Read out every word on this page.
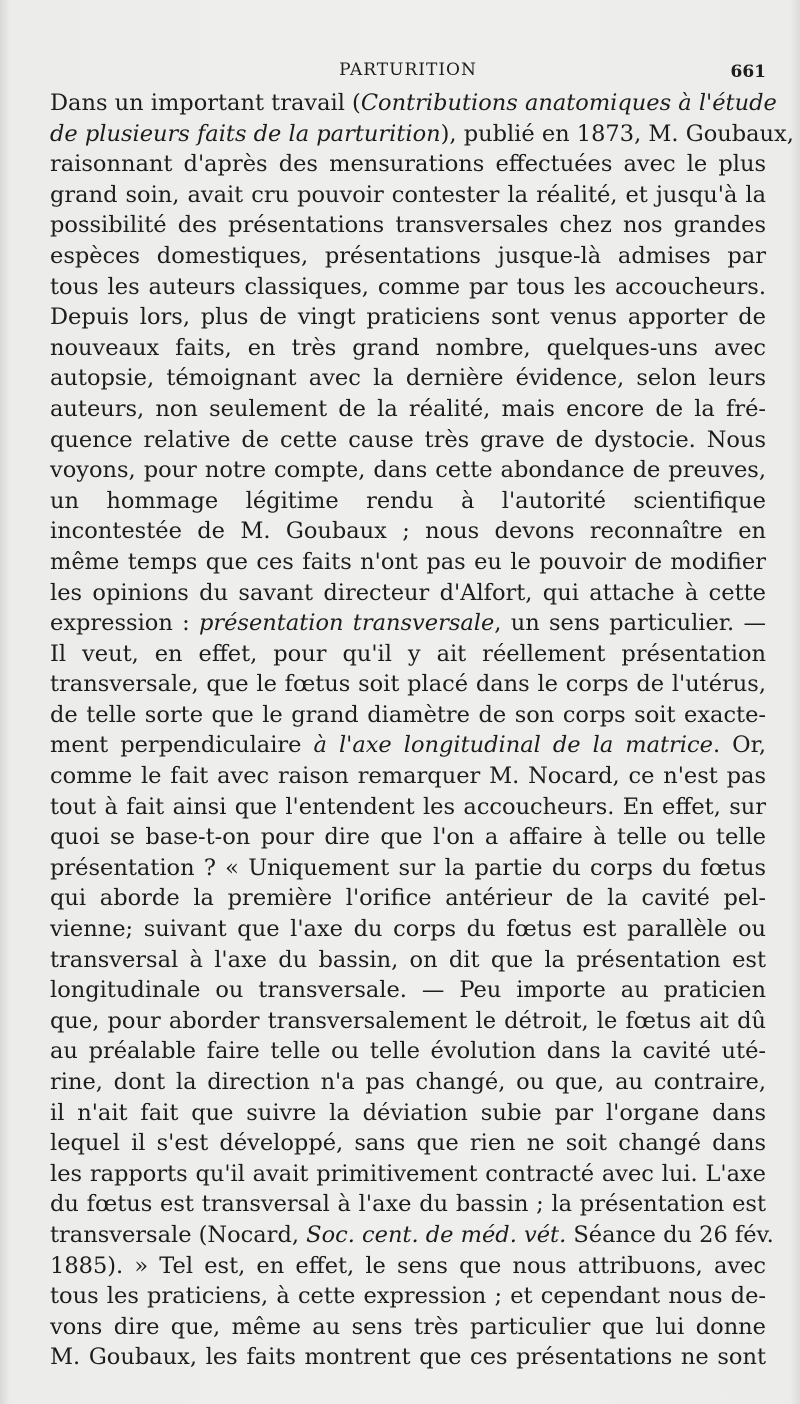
PARTURITION	661
Dans un important travail (Contributions anatomiques à l'étude
de plusieurs faits de la parturition), publié en 1873, M. Goubaux,
raisonnant d'après des mensurations effectuées avec le plus
grand soin, avait cru pouvoir contester la réalité, et jusqu'à la
possibilité des présentations transversales chez nos grandes
espèces domestiques, présentations jusque-là admises par
tous les auteurs classiques, comme par tous les accoucheurs.
Depuis lors, plus de vingt praticiens sont venus apporter de
nouveaux faits, en très grand nombre, quelques-uns avec
autopsie, témoignant avec la dernière évidence, selon leurs
auteurs, non seulement de la réalité, mais encore de la fré-
quence relative de cette cause très grave de dystocie. Nous
voyons, pour notre compte, dans cette abondance de preuves,
un hommage légitime rendu à l'autorité scientifique
incontestée de M. Goubaux ; nous devons reconnaître en
même temps que ces faits n'ont pas eu le pouvoir de modifier
les opinions du savant directeur d'Alfort, qui attache à cette
expression : présentation transversale, un sens particulier. —
Il veut, en effet, pour qu'il y ait réellement présentation
transversale, que le fœtus soit placé dans le corps de l'utérus,
de telle sorte que le grand diamètre de son corps soit exacte-
ment perpendiculaire à l'axe longitudinal de la matrice. Or,
comme le fait avec raison remarquer M. Nocard, ce n'est pas
tout à fait ainsi que l'entendent les accoucheurs. En effet, sur
quoi se base-t-on pour dire que l'on a affaire à telle ou telle
présentation ? « Uniquement sur la partie du corps du fœtus
qui aborde la première l'orifice antérieur de la cavité pel-
vienne; suivant que l'axe du corps du fœtus est parallèle ou
transversal à l'axe du bassin, on dit que la présentation est
longitudinale ou transversale. — Peu importe au praticien
que, pour aborder transversalement le détroit, le fœtus ait dû
au préalable faire telle ou telle évolution dans la cavité uté-
rine, dont la direction n'a pas changé, ou que, au contraire,
il n'ait fait que suivre la déviation subie par l'organe dans
lequel il s'est développé, sans que rien ne soit changé dans
les rapports qu'il avait primitivement contracté avec lui. L'axe
du fœtus est transversal à l'axe du bassin ; la présentation est
transversale (Nocard, Soc. cent. de méd. vét. Séance du 26 fév.
1885). » Tel est, en effet, le sens que nous attribuons, avec
tous les praticiens, à cette expression ; et cependant nous de-
vons dire que, même au sens très particulier que lui donne
M. Goubaux, les faits montrent que ces présentations ne sont
